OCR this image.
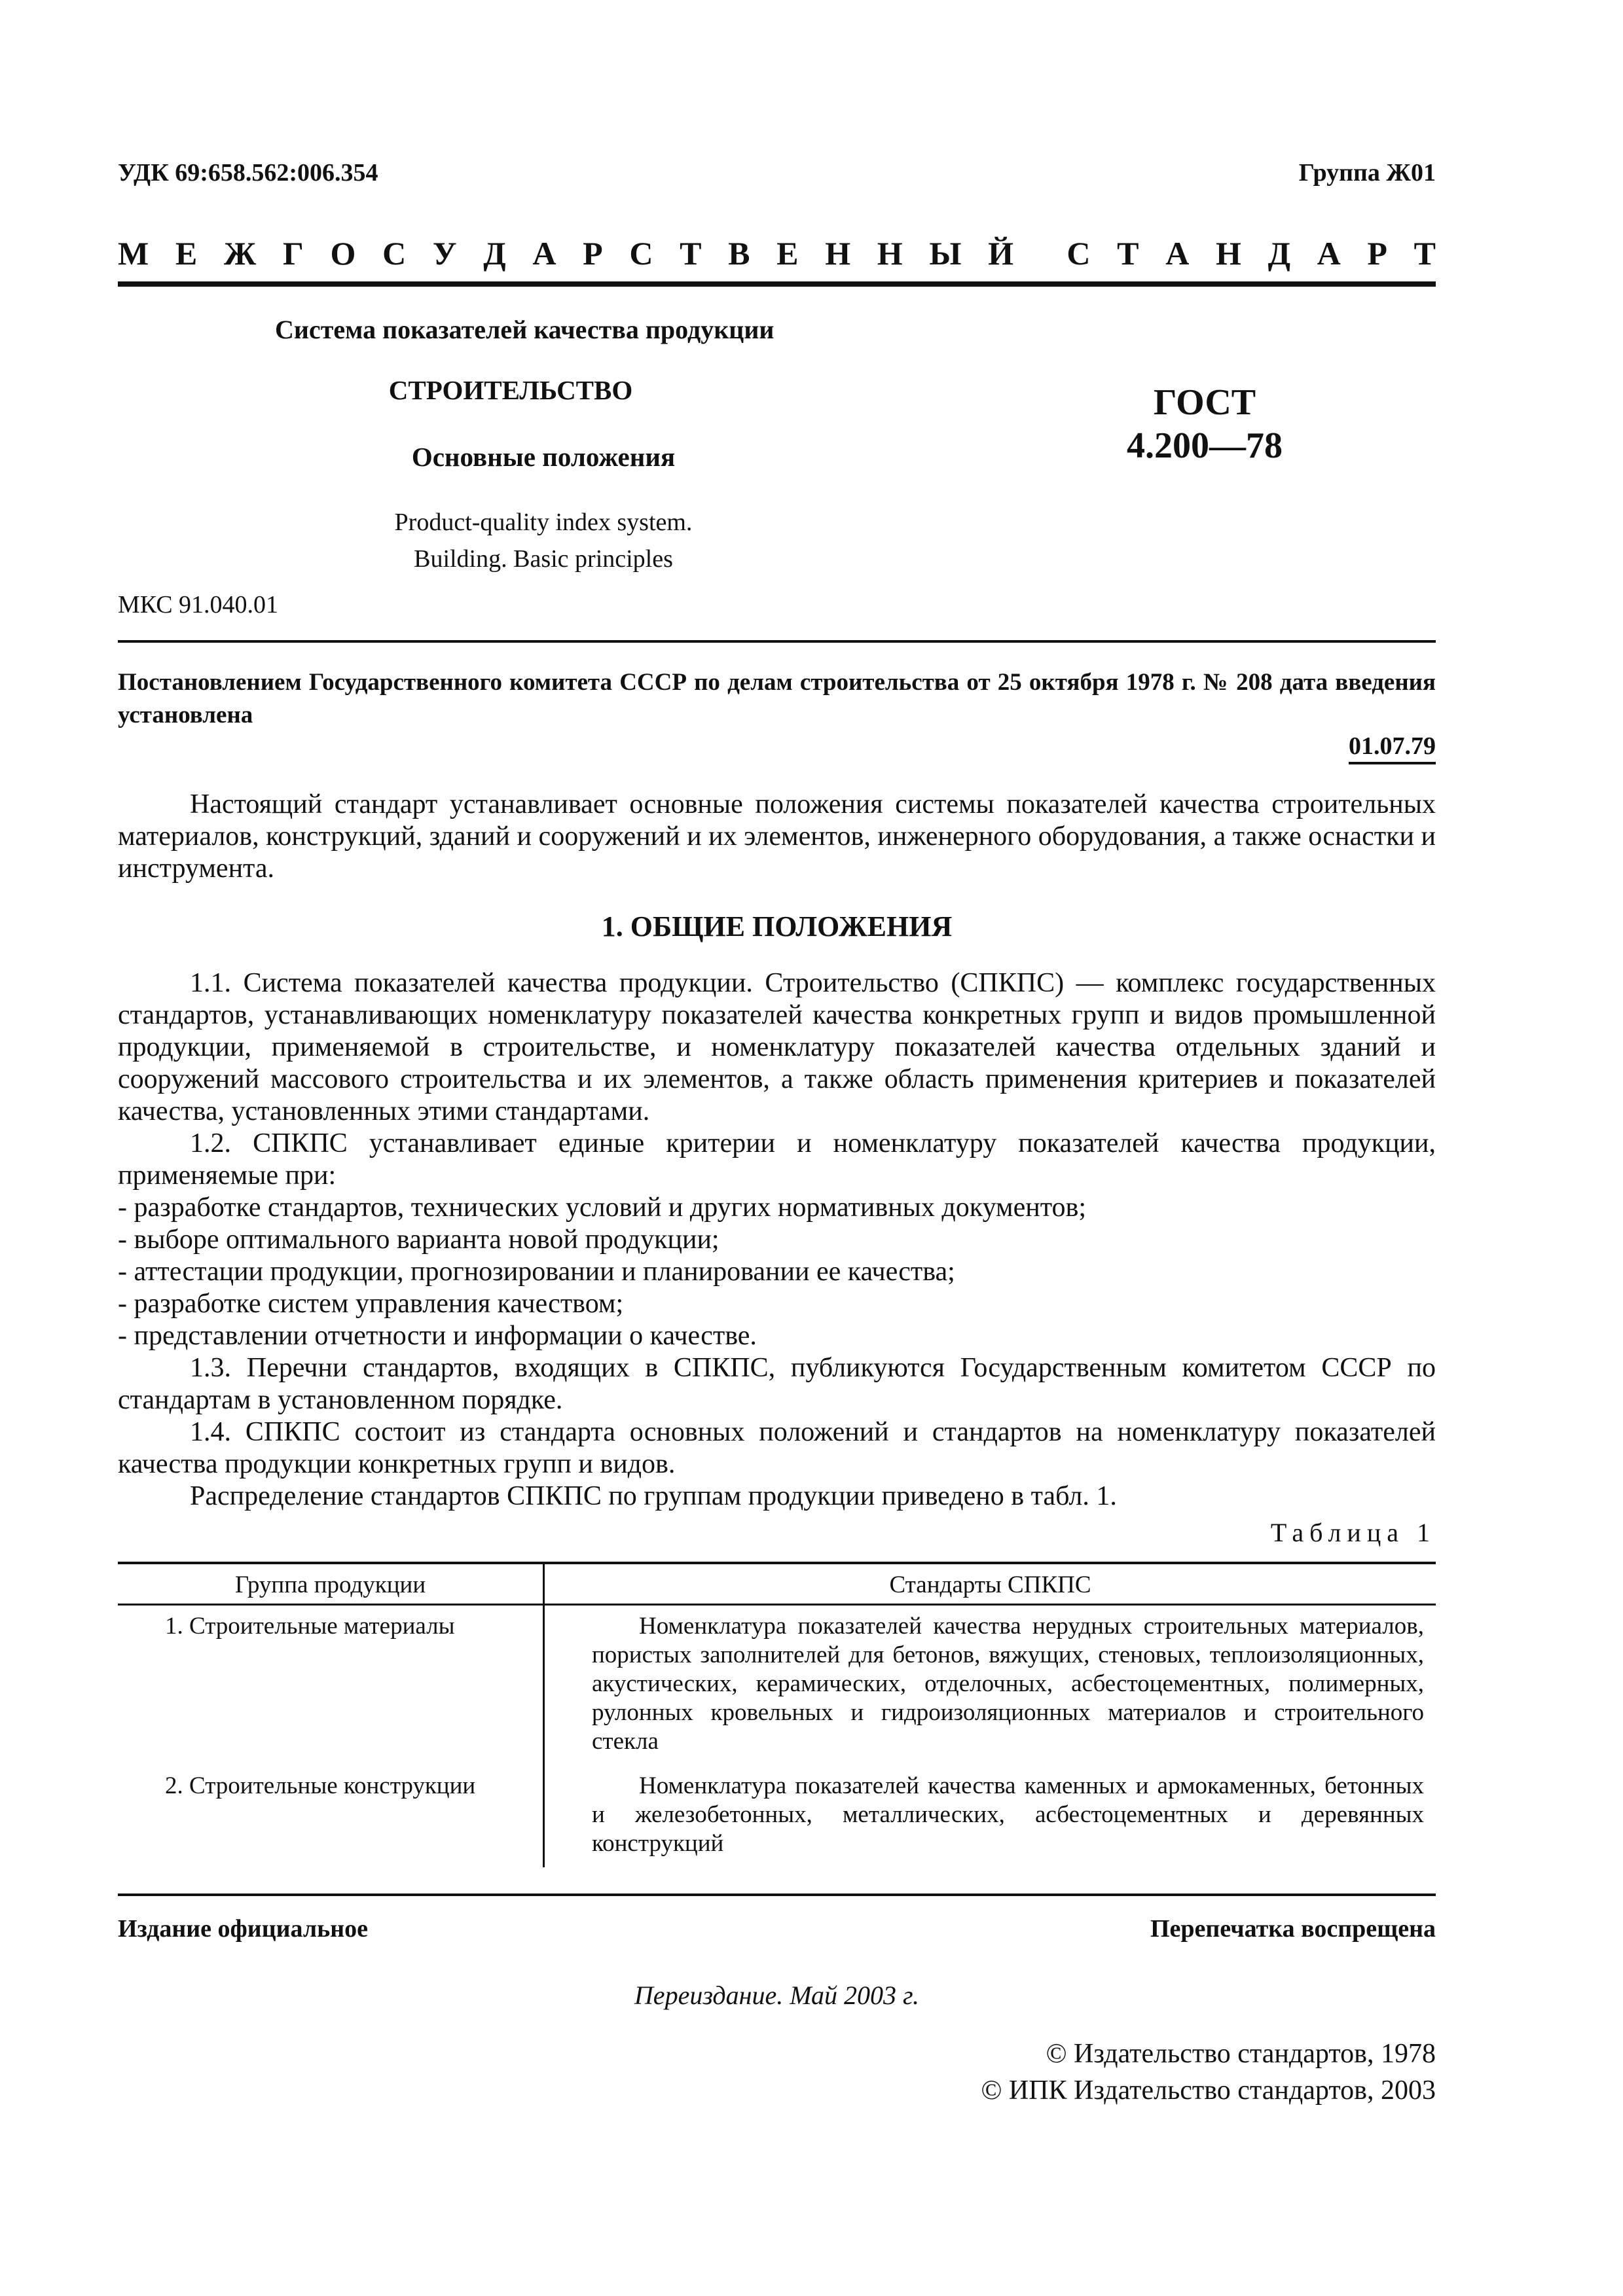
УДК 69:658.562:006.354	Группа Ж01
М Е Ж Г О С У Д А Р С Т В Е Н Н Ы Й С Т А Н Д А Р Т
Система показателей качества продукции
СТРОИТЕЛЬСТВО	ГОСТ
4.200—78
Основные положения
Product-quality index system.
Building. Basic principles
МКС 91.040.01
Постановлением Государственного комитета СССР по делам строительства от 25 октября 1978 г. № 208 дата введения установлена
01.07.79

Настоящий стандарт устанавливает основные положения системы показателей качества строительных материалов, конструкций, зданий и сооружений и их элементов, инженерного оборудования, а также оснастки и инструмента.

1. ОБЩИЕ ПОЛОЖЕНИЯ

1.1. Система показателей качества продукции. Строительство (СПКПС) — комплекс государственных стандартов, устанавливающих номенклатуру показателей качества конкретных групп и видов промышленной продукции, применяемой в строительстве, и номенклатуру показателей качества отдельных зданий и сооружений массового строительства и их элементов, а также область применения критериев и показателей качества, установленных этими стандартами.

1.2. СПКПС устанавливает единые критерии и номенклатуру показателей качества продукции, применяемые при:

- разработке стандартов, технических условий и других нормативных документов;

- выборе оптимального варианта новой продукции;

- аттестации продукции, прогнозировании и планировании ее качества;

- разработке систем управления качеством;

- представлении отчетности и информации о качестве.

1.3. Перечни стандартов, входящих в СПКПС, публикуются Государственным комитетом СССР по стандартам в установленном порядке.

1.4. СПКПС состоит из стандарта основных положений и стандартов на номенклатуру показателей качества продукции конкретных групп и видов.

Распределение стандартов СПКПС по группам продукции приведено в табл. 1.

Таблица 1
Группа продукции	Стандарты СПКПС

1. Строительные материалы	Номенклатура показателей качества нерудных строительных материалов, пористых заполнителей для бетонов, вяжущих, стеновых, теплоизоляционных, акустических, керамических, отделочных, асбестоцементных, полимерных, рулонных кровельных и гидроизоляционных материалов и строительного стекла

2. Строительные конструкции	Номенклатура показателей качества каменных и армокаменных, бетонных и железобетонных, металлических, асбестоцементных и деревянных конструкций
Издание официальное	Перепечатка воспрещена
Переиздание. Май 2003 г.
© Издательство стандартов, 1978
© ИПК Издательство стандартов, 2003
